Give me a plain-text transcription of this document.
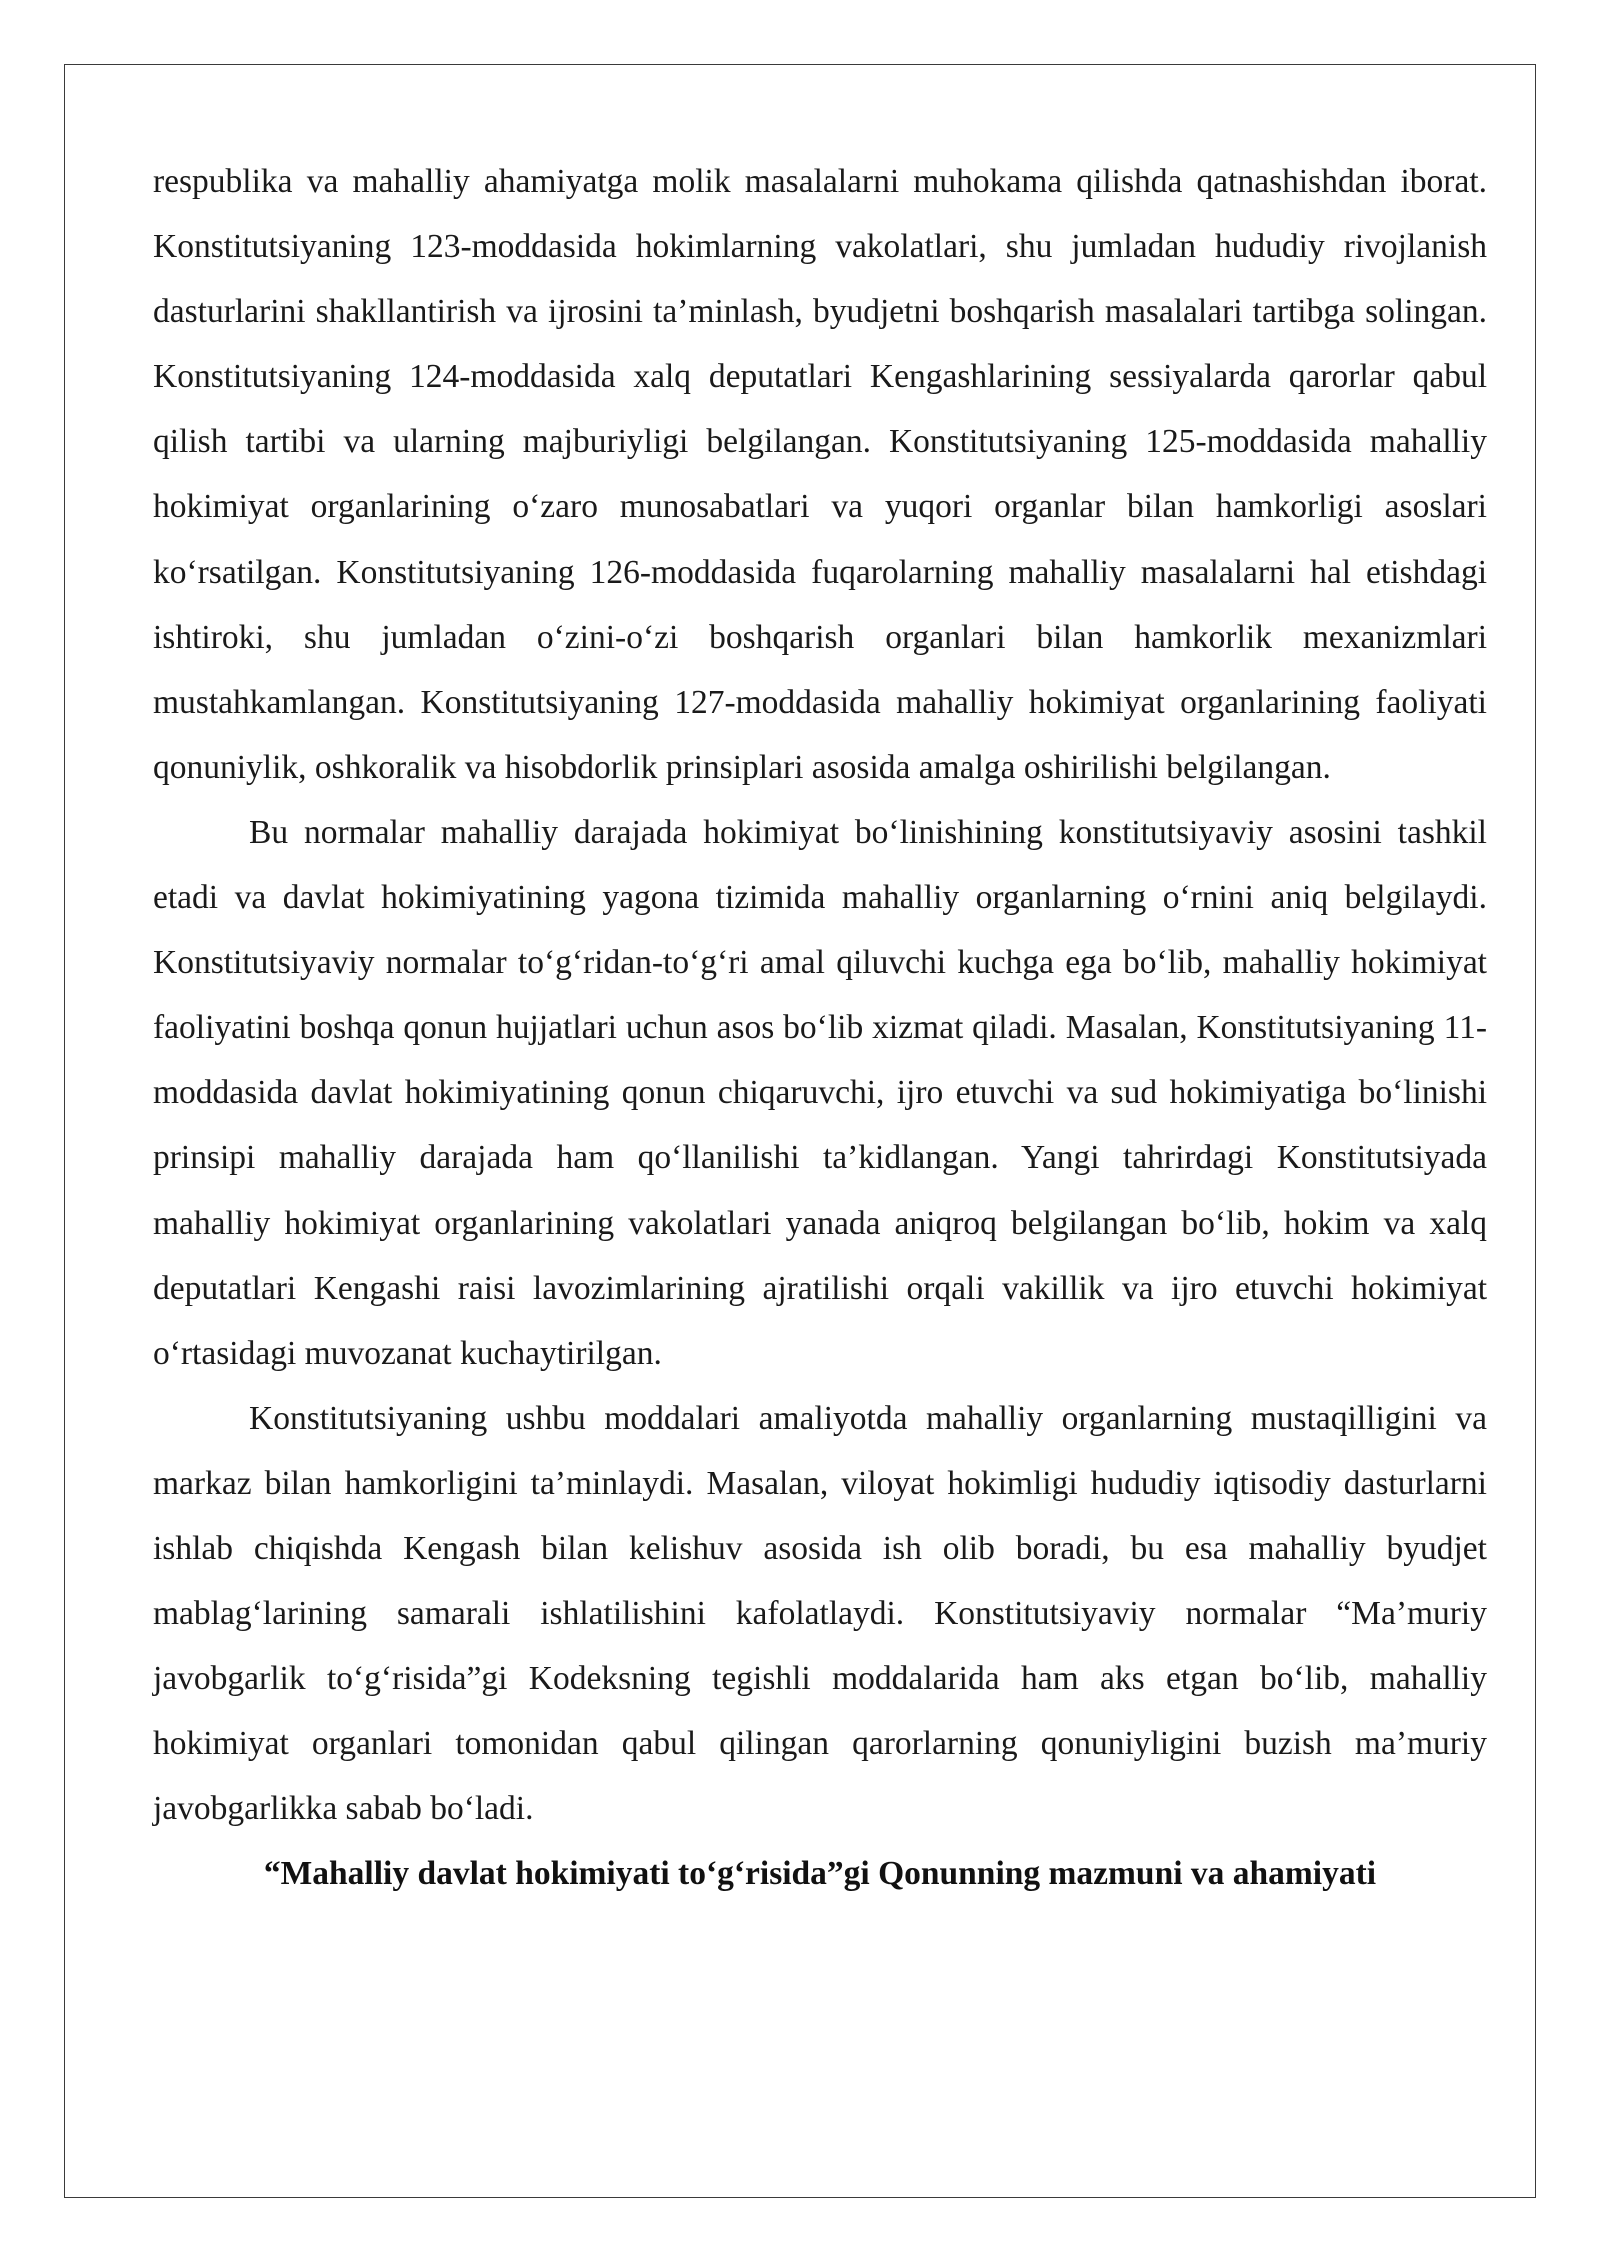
respublika va mahalliy ahamiyatga molik masalalarni muhokama qilishda qatnashishdan iborat. Konstitutsiyaning 123-moddasida hokimlarning vakolatlari, shu jumladan hududiy rivojlanish dasturlarini shakllantirish va ijrosini ta’minlash, byudjetni boshqarish masalalari tartibga solingan. Konstitutsiyaning 124-moddasida xalq deputatlari Kengashlarining sessiyalarda qarorlar qabul qilish tartibi va ularning majburiyligi belgilangan. Konstitutsiyaning 125-moddasida mahalliy hokimiyat organlarining o‘zaro munosabatlari va yuqori organlar bilan hamkorligi asoslari ko‘rsatilgan. Konstitutsiyaning 126-moddasida fuqarolarning mahalliy masalalarni hal etishdagi ishtiroki, shu jumladan o‘zini-o‘zi boshqarish organlari bilan hamkorlik mexanizmlari mustahkamlangan. Konstitutsiyaning 127-moddasida mahalliy hokimiyat organlarining faoliyati qonuniylik, oshkoralik va hisobdorlik prinsiplari asosida amalga oshirilishi belgilangan.

Bu normalar mahalliy darajada hokimiyat bo‘linishining konstitutsiyaviy asosini tashkil etadi va davlat hokimiyatining yagona tizimida mahalliy organlarning o‘rnini aniq belgilaydi. Konstitutsiyaviy normalar to‘g‘ridan-to‘g‘ri amal qiluvchi kuchga ega bo‘lib, mahalliy hokimiyat faoliyatini boshqa qonun hujjatlari uchun asos bo‘lib xizmat qiladi. Masalan, Konstitutsiyaning 11-moddasida davlat hokimiyatining qonun chiqaruvchi, ijro etuvchi va sud hokimiyatiga bo‘linishi prinsipi mahalliy darajada ham qo‘llanilishi ta’kidlangan. Yangi tahrirdagi Konstitutsiyada mahalliy hokimiyat organlarining vakolatlari yanada aniqroq belgilangan bo‘lib, hokim va xalq deputatlari Kengashi raisi lavozimlarining ajratilishi orqali vakillik va ijro etuvchi hokimiyat o‘rtasidagi muvozanat kuchaytirilgan.

Konstitutsiyaning ushbu moddalari amaliyotda mahalliy organlarning mustaqilligini va markaz bilan hamkorligini ta’minlaydi. Masalan, viloyat hokimligi hududiy iqtisodiy dasturlarni ishlab chiqishda Kengash bilan kelishuv asosida ish olib boradi, bu esa mahalliy byudjet mablag‘larining samarali ishlatilishini kafolatlaydi. Konstitutsiyaviy normalar “Ma’muriy javobgarlik to‘g‘risida”gi Kodeksning tegishli moddalarida ham aks etgan bo‘lib, mahalliy hokimiyat organlari tomonidan qabul qilingan qarorlarning qonuniyligini buzish ma’muriy javobgarlikka sabab bo‘ladi.

“Mahalliy davlat hokimiyati to‘g‘risida”gi Qonunning mazmuni va ahamiyati
